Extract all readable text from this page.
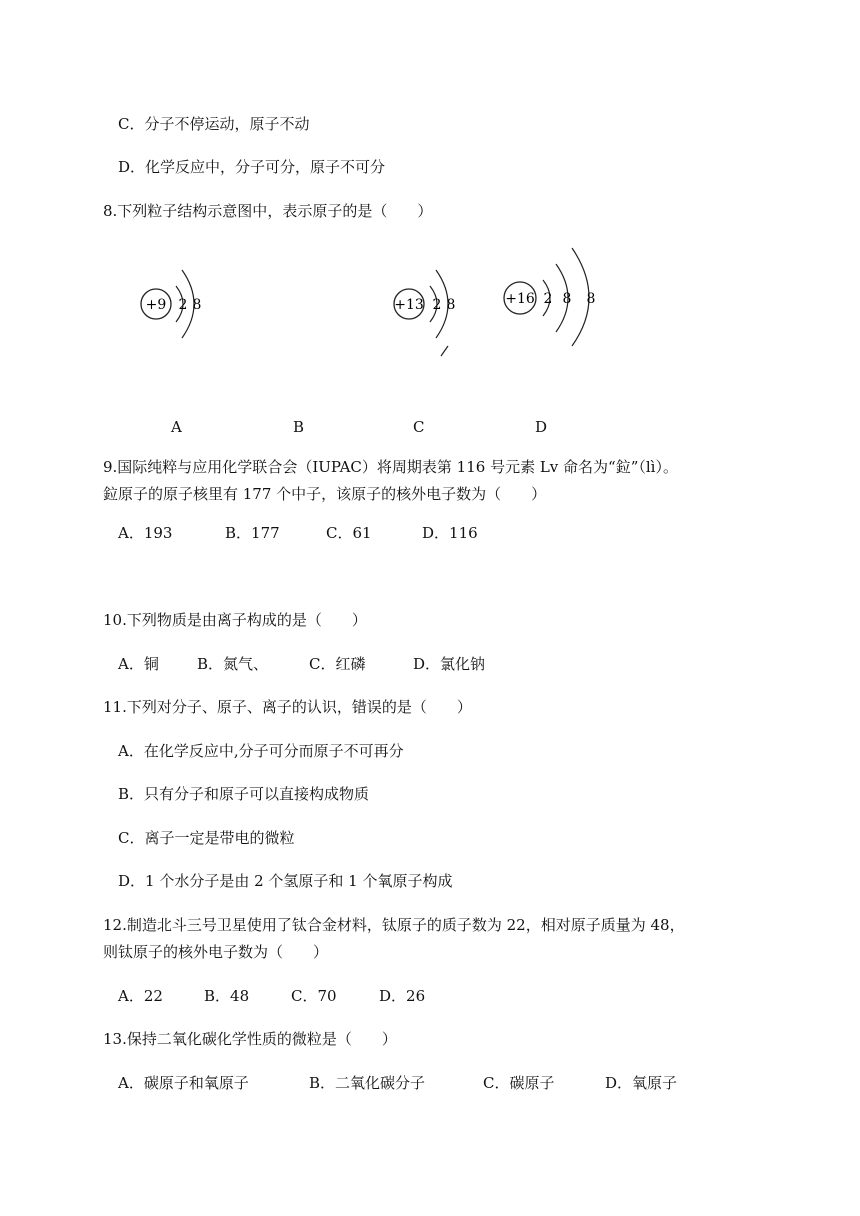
C．分子不停运动，原子不动
D．化学反应中，分子可分，原子不可分
8.下列粒子结构示意图中，表示原子的是（　　）
+9 2 8	+13 2 8	+16 2 8 8
A	B	C	D
9.国际纯粹与应用化学联合会（IUPAC）将周期表第 116 号元素 Lv 命名为“鉝”（lì）。
鉝原子的原子核里有 177 个中子，该原子的核外电子数为（　　）
A．193	B．177	C．61	D．116
10.下列物质是由离子构成的是（　　）
A．铜	B．氮气、	C．红磷	D．氯化钠
11.下列对分子、原子、离子的认识，错误的是（　　）
A．在化学反应中,分子可分而原子不可再分
B．只有分子和原子可以直接构成物质
C．离子一定是带电的微粒
D．1 个水分子是由 2 个氢原子和 1 个氧原子构成
12.制造北斗三号卫星使用了钛合金材料，钛原子的质子数为 22，相对原子质量为 48，
则钛原子的核外电子数为（　　）
A．22	B．48	C．70	D．26
13.保持二氧化碳化学性质的微粒是（　　）
A．碳原子和氧原子	B．二氧化碳分子	C．碳原子	D．氧原子
